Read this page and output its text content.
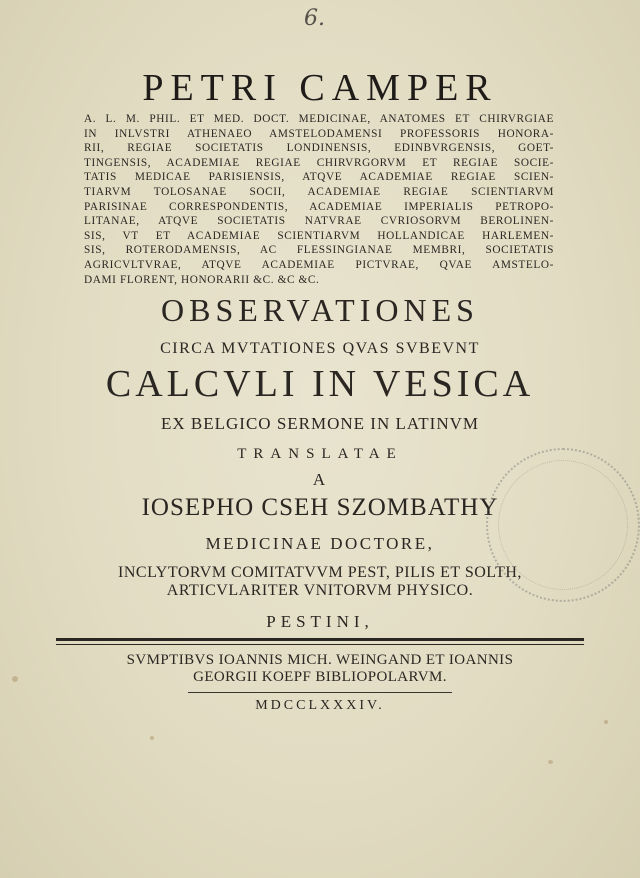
6.
PETRI CAMPER
A. L. M. PHIL. ET MED. DOCT. MEDICINAE, ANATOMES ET CHIRVRGIAE
IN INLVSTRI ATHENAEO AMSTELODAMENSI PROFESSORIS HONORA-
RII, REGIAE SOCIETATIS LONDINENSIS, EDINBVRGENSIS, GOET-
TINGENSIS, ACADEMIAE REGIAE CHIRVRGORVM ET REGIAE SOCIE-
TATIS MEDICAE PARISIENSIS, ATQVE ACADEMIAE REGIAE SCIEN-
TIARVM TOLOSANAE SOCII, ACADEMIAE REGIAE SCIENTIARVM
PARISINAE CORRESPONDENTIS, ACADEMIAE IMPERIALIS PETROPO-
LITANAE, ATQVE SOCIETATIS NATVRAE CVRIOSORVM BEROLINEN-
SIS, VT ET ACADEMIAE SCIENTIARVM HOLLANDICAE HARLEMEN-
SIS, ROTERODAMENSIS, AC FLESSINGIANAE MEMBRI, SOCIETATIS
AGRICVLTVRAE, ATQVE ACADEMIAE PICTVRAE, QVAE AMSTELO-
DAMI FLORENT, HONORARII &C. &C &C.
OBSERVATIONES
CIRCA MVTATIONES QVAS SVBEVNT
CALCVLI IN VESICA
EX BELGICO SERMONE IN LATINVM
TRANSLATAE
A
IOSEPHO CSEH SZOMBATHY
MEDICINAE DOCTORE,
INCLYTORVM COMITATVVM PEST, PILIS ET SOLTH,
ARTICVLARITER VNITORVM PHYSICO.
PESTINI,
SVMPTIBVS IOANNIS MICH. WEINGAND ET IOANNIS
GEORGII KOEPF BIBLIOPOLARVM.
MDCCLXXXIV.
